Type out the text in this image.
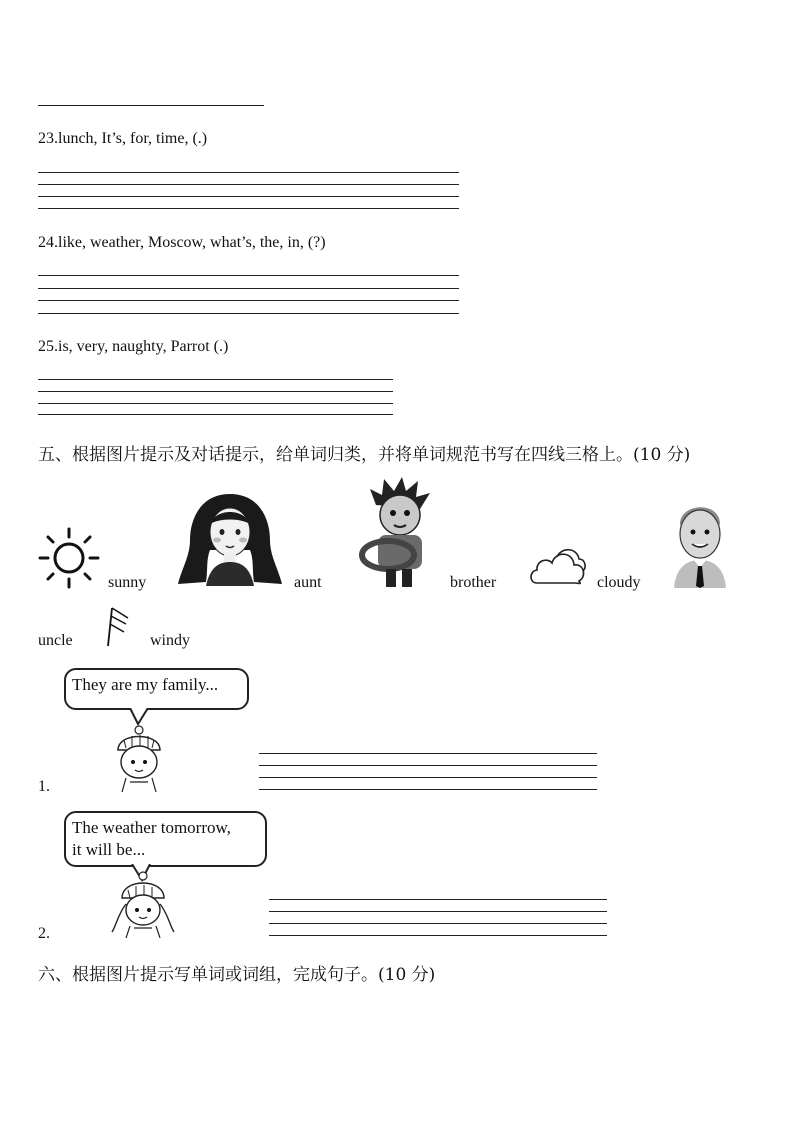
23.lunch, It’s, for, time, (.)
24.like, weather, Moscow, what’s, the, in, (?)
25.is, very, naughty, Parrot (.)
五、根据图片提示及对话提示，给单词归类，并将单词规范书写在四线三格上。(10 分)
sunny	aunt	brother	cloudy
uncle	windy
They are my family...
1.
The weather tomorrow,
it will be...
2.
六、根据图片提示写单词或词组，完成句子。(10 分)
